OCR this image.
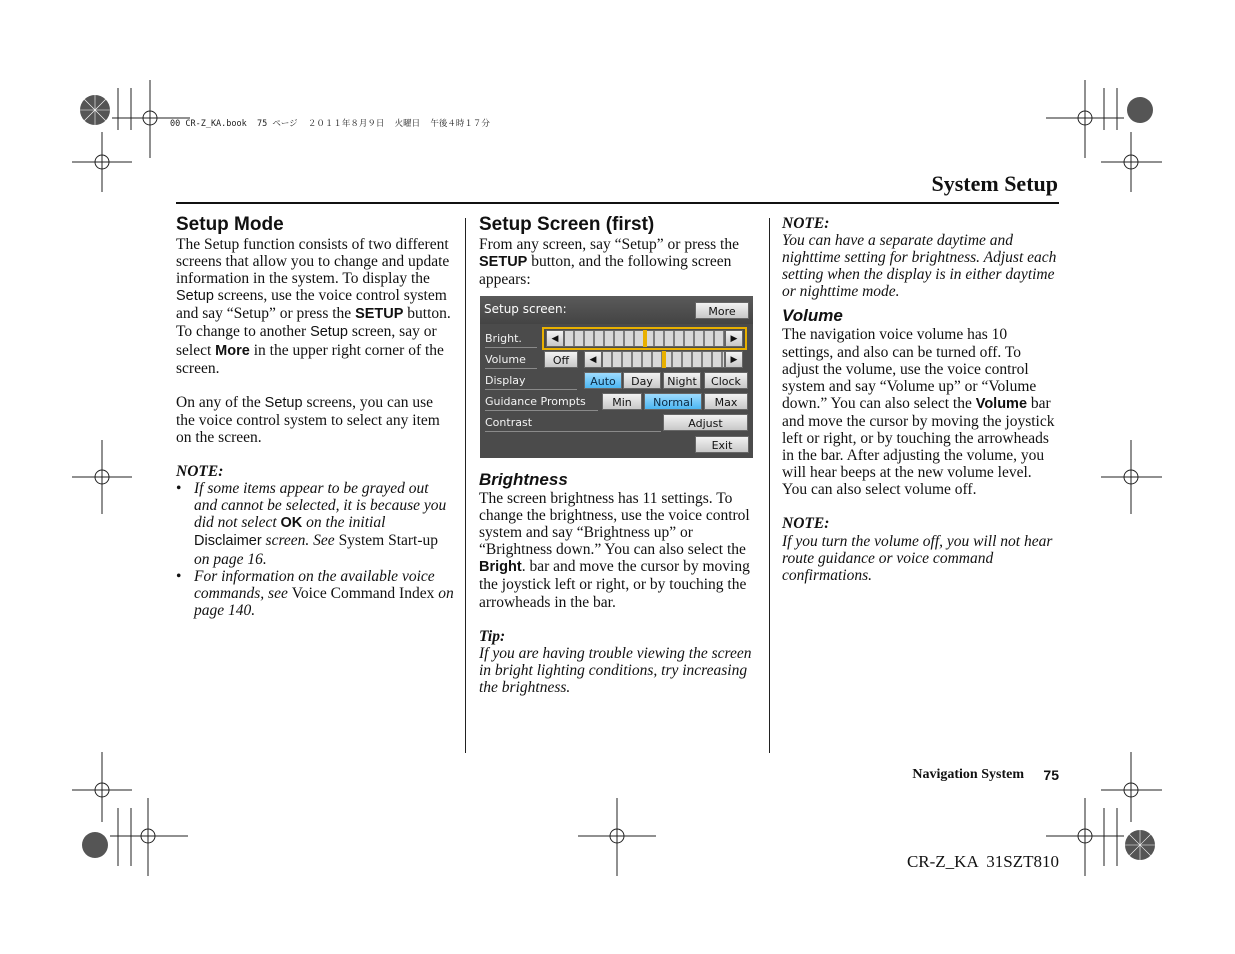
00 CR-Z_KA.book  75 ページ  ２０１１年８月９日  火曜日  午後４時１７分
System Setup
Setup Mode

The Setup function consists of two different screens that allow you to change and update information in the system. To display the Setup screens, use the voice control system and say “Setup” or press the SETUP button. To change to another Setup screen, say or select More in the upper right corner of the screen.

On any of the Setup screens, you can use the voice control system to select any item on the screen.

NOTE:

• If some items appear to be grayed out and cannot be selected, it is because you did not select OK on the initial Disclaimer screen. See System Start-up on page 16.
• For information on the available voice commands, see Voice Command Index on page 140.
Setup Screen (first)

From any screen, say “Setup” or press the SETUP button, and the following screen appears:

Setup screen:	More
Bright.	◀	▶
Volume	Off	◀	▶
Display	Auto	Day	Night	Clock
Guidance Prompts	Min	Normal	Max
Contrast	Adjust
Exit
Brightness

The screen brightness has 11 settings. To change the brightness, use the voice control system and say “Brightness up” or “Brightness down.” You can also select the Bright. bar and move the cursor by moving the joystick left or right, or by touching the arrowheads in the bar.

Tip:

If you are having trouble viewing the screen in bright lighting conditions, try increasing the brightness.

NOTE:

You can have a separate daytime and nighttime setting for brightness. Adjust each setting when the display is in either daytime or nighttime mode.

Volume

The navigation voice volume has 10 settings, and also can be turned off. To adjust the volume, use the voice control system and say “Volume up” or “Volume down.” You can also select the Volume bar and move the cursor by moving the joystick left or right, or by touching the arrowheads in the bar. After adjusting the volume, you will hear beeps at the new volume level. You can also select volume off.

NOTE:

If you turn the volume off, you will not hear route guidance or voice command confirmations.

Navigation System 75
CR-Z_KA  31SZT810
